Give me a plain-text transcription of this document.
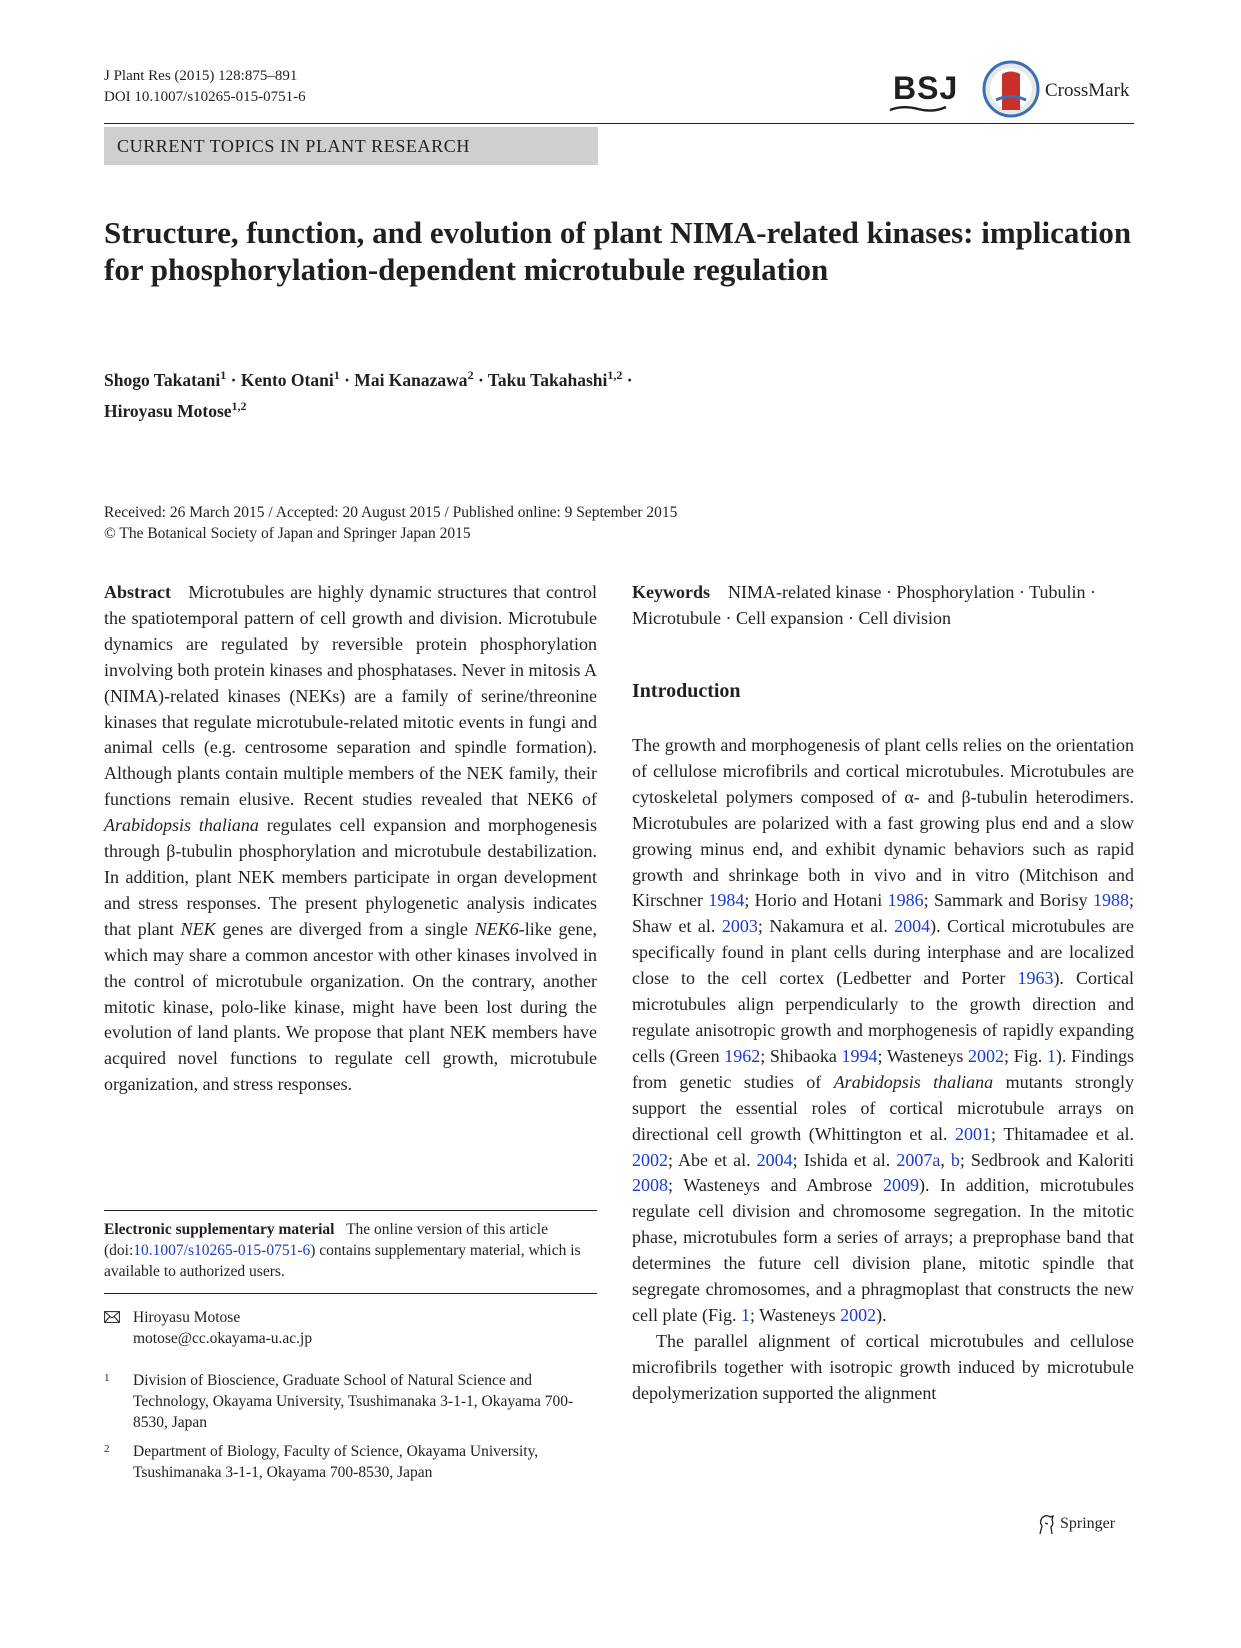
J Plant Res (2015) 128:875–891
DOI 10.1007/s10265-015-0751-6	BSJ	CrossMark
CURRENT TOPICS IN PLANT RESEARCH
Structure, function, and evolution of plant NIMA-related kinases: implication for phosphorylation-dependent microtubule regulation
Shogo Takatani$^1$ · Kento Otani$^1$ · Mai Kanazawa$^2$ · Taku Takahashi$^{1,2}$ ·
Hiroyasu Motose$^{1,2}$
Received: 26 March 2015 / Accepted: 20 August 2015 / Published online: 9 September 2015
© The Botanical Society of Japan and Springer Japan 2015

Abstract Microtubules are highly dynamic structures that control the spatiotemporal pattern of cell growth and division. Microtubule dynamics are regulated by reversible protein phosphorylation involving both protein kinases and phosphatases. Never in mitosis A (NIMA)-related kinases (NEKs) are a family of serine/threonine kinases that regulate microtubule-related mitotic events in fungi and animal cells (e.g. centrosome separation and spindle formation). Although plants contain multiple members of the NEK family, their functions remain elusive. Recent studies revealed that NEK6 of Arabidopsis thaliana regulates cell expansion and morphogenesis through β-tubulin phosphorylation and microtubule destabilization. In addition, plant NEK members participate in organ development and stress responses. The present phylogenetic analysis indicates that plant NEK genes are diverged from a single NEK6-like gene, which may share a common ancestor with other kinases involved in the control of microtubule organization. On the contrary, another mitotic kinase, polo-like kinase, might have been lost during the evolution of land plants. We propose that plant NEK members have acquired novel functions to regulate cell growth, microtubule organization, and stress responses.

Electronic supplementary material The online version of this article (doi:10.1007/s10265-015-0751-6) contains supplementary material, which is available to authorized users.
Hiroyasu Motose
motose@cc.okayama-u.ac.jp
1 Division of Bioscience, Graduate School of Natural Science and Technology, Okayama University, Tsushimanaka 3-1-1, Okayama 700-8530, Japan
2 Department of Biology, Faculty of Science, Okayama University, Tsushimanaka 3-1-1, Okayama 700-8530, Japan
Keywords NIMA-related kinase · Phosphorylation · Tubulin · Microtubule · Cell expansion · Cell division
Introduction

The growth and morphogenesis of plant cells relies on the orientation of cellulose microfibrils and cortical microtubules. Microtubules are cytoskeletal polymers composed of α- and β-tubulin heterodimers. Microtubules are polarized with a fast growing plus end and a slow growing minus end, and exhibit dynamic behaviors such as rapid growth and shrinkage both in vivo and in vitro (Mitchison and Kirschner 1984; Horio and Hotani 1986; Sammark and Borisy 1988; Shaw et al. 2003; Nakamura et al. 2004). Cortical microtubules are specifically found in plant cells during interphase and are localized close to the cell cortex (Ledbetter and Porter 1963). Cortical microtubules align perpendicularly to the growth direction and regulate anisotropic growth and morphogenesis of rapidly expanding cells (Green 1962; Shibaoka 1994; Wasteneys 2002; Fig. 1). Findings from genetic studies of Arabidopsis thaliana mutants strongly support the essential roles of cortical microtubule arrays on directional cell growth (Whittington et al. 2001; Thitamadee et al. 2002; Abe et al. 2004; Ishida et al. 2007a, b; Sedbrook and Kaloriti 2008; Wasteneys and Ambrose 2009). In addition, microtubules regulate cell division and chromosome segregation. In the mitotic phase, microtubules form a series of arrays; a preprophase band that determines the future cell division plane, mitotic spindle that segregate chromosomes, and a phragmoplast that constructs the new cell plate (Fig. 1; Wasteneys 2002).

The parallel alignment of cortical microtubules and cellulose microfibrils together with isotropic growth induced by microtubule depolymerization supported the alignment

Springer
